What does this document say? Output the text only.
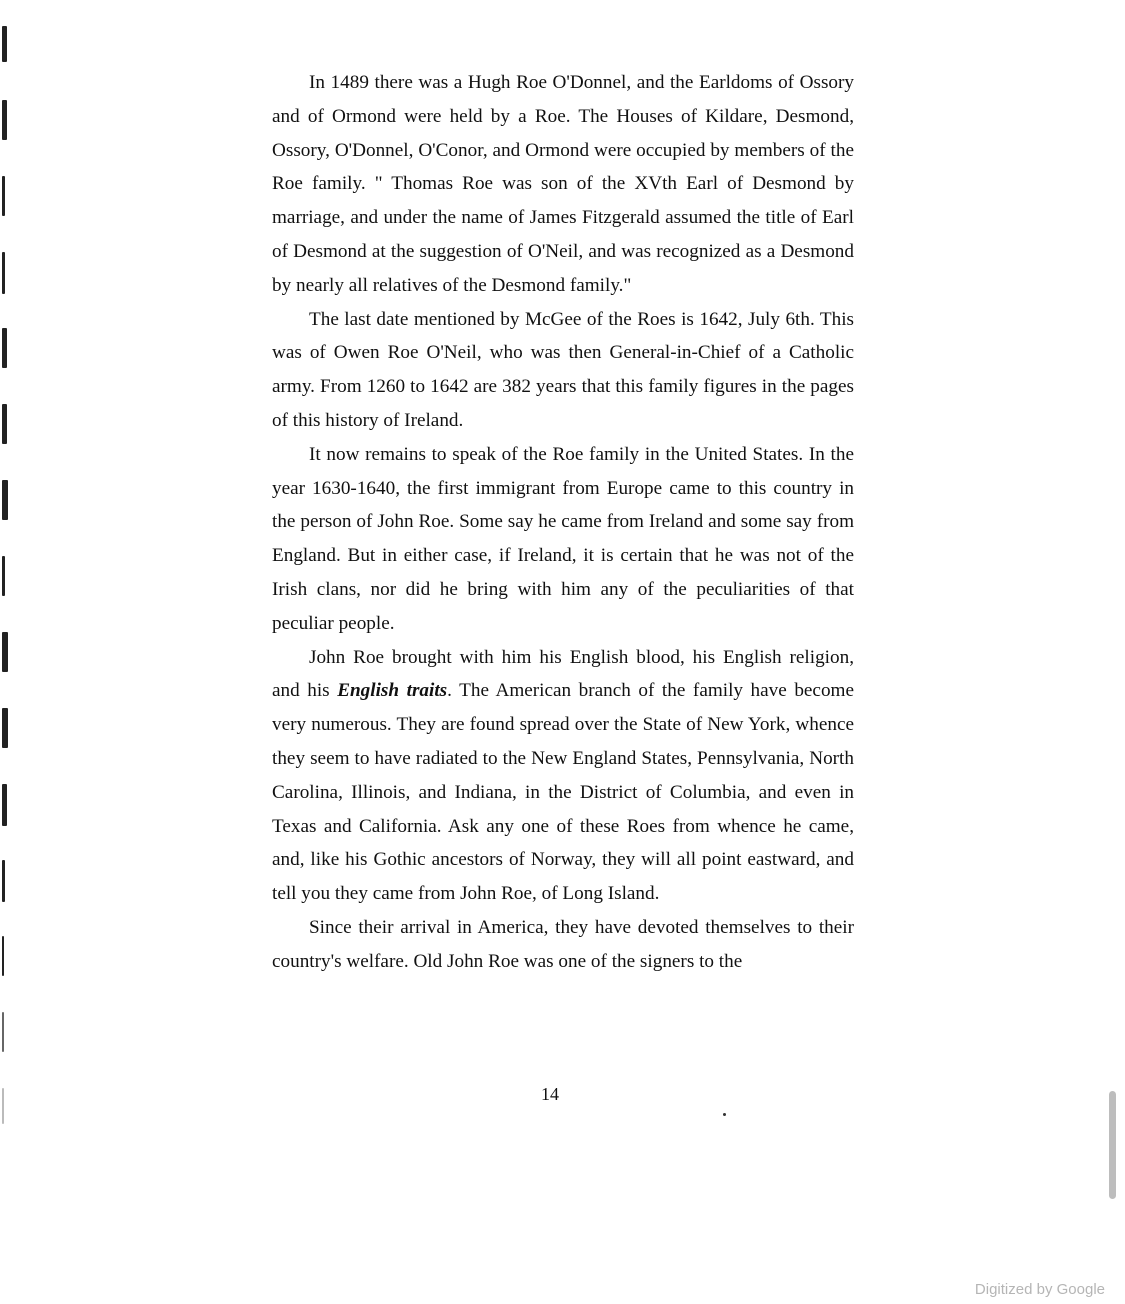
In 1489 there was a Hugh Roe O'Donnel, and the Earldoms of Ossory and of Ormond were held by a Roe. The Houses of Kildare, Desmond, Ossory, O'Donnel, O'Conor, and Ormond were occupied by members of the Roe family. " Thomas Roe was son of the XVth Earl of Desmond by marriage, and under the name of James Fitzgerald assumed the title of Earl of Desmond at the suggestion of O'Neil, and was recognized as a Desmond by nearly all relatives of the Desmond family."

The last date mentioned by McGee of the Roes is 1642, July 6th. This was of Owen Roe O'Neil, who was then General-in-Chief of a Catholic army. From 1260 to 1642 are 382 years that this family figures in the pages of this history of Ireland.

It now remains to speak of the Roe family in the United States. In the year 1630-1640, the first immigrant from Europe came to this country in the person of John Roe. Some say he came from Ireland and some say from England. But in either case, if Ireland, it is certain that he was not of the Irish clans, nor did he bring with him any of the peculiarities of that peculiar people.

John Roe brought with him his English blood, his English religion, and his English traits. The American branch of the family have become very numerous. They are found spread over the State of New York, whence they seem to have radiated to the New England States, Pennsylvania, North Carolina, Illinois, and Indiana, in the District of Columbia, and even in Texas and California. Ask any one of these Roes from whence he came, and, like his Gothic ancestors of Norway, they will all point eastward, and tell you they came from John Roe, of Long Island.

Since their arrival in America, they have devoted themselves to their country's welfare. Old John Roe was one of the signers to the

14
Digitized by Google
